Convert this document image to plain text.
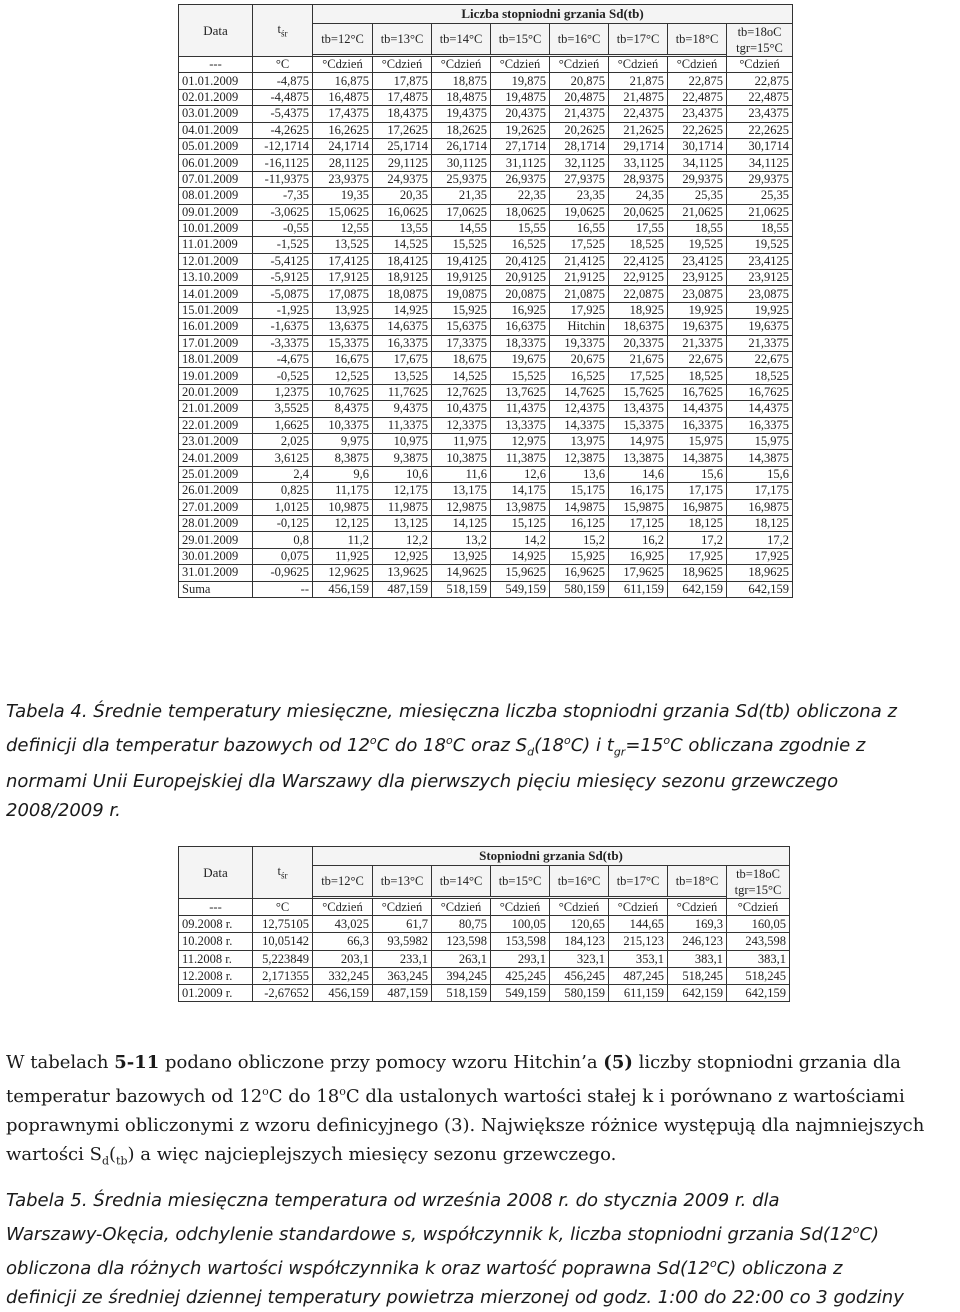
Data	$t_{śr}$	Liczba stopniodni grzania Sd(tb)							
		tb=12°C	tb=13°C	tb=14°C	tb=15°C	tb=16°C	tb=17°C	tb=18°C	tb=18oC
tgr=15°C

---	°C	°Cdzień	°Cdzień	°Cdzień	°Cdzień	°Cdzień	°Cdzień	°Cdzień	°Cdzień
01.01.2009	-4,875	16,875	17,875	18,875	19,875	20,875	21,875	22,875	22,875
02.01.2009	-4,4875	16,4875	17,4875	18,4875	19,4875	20,4875	21,4875	22,4875	22,4875
03.01.2009	-5,4375	17,4375	18,4375	19,4375	20,4375	21,4375	22,4375	23,4375	23,4375
04.01.2009	-4,2625	16,2625	17,2625	18,2625	19,2625	20,2625	21,2625	22,2625	22,2625
05.01.2009	-12,1714	24,1714	25,1714	26,1714	27,1714	28,1714	29,1714	30,1714	30,1714
06.01.2009	-16,1125	28,1125	29,1125	30,1125	31,1125	32,1125	33,1125	34,1125	34,1125
07.01.2009	-11,9375	23,9375	24,9375	25,9375	26,9375	27,9375	28,9375	29,9375	29,9375
08.01.2009	-7,35	19,35	20,35	21,35	22,35	23,35	24,35	25,35	25,35
09.01.2009	-3,0625	15,0625	16,0625	17,0625	18,0625	19,0625	20,0625	21,0625	21,0625
10.01.2009	-0,55	12,55	13,55	14,55	15,55	16,55	17,55	18,55	18,55
11.01.2009	-1,525	13,525	14,525	15,525	16,525	17,525	18,525	19,525	19,525
12.01.2009	-5,4125	17,4125	18,4125	19,4125	20,4125	21,4125	22,4125	23,4125	23,4125
13.10.2009	-5,9125	17,9125	18,9125	19,9125	20,9125	21,9125	22,9125	23,9125	23,9125
14.01.2009	-5,0875	17,0875	18,0875	19,0875	20,0875	21,0875	22,0875	23,0875	23,0875
15.01.2009	-1,925	13,925	14,925	15,925	16,925	17,925	18,925	19,925	19,925
16.01.2009	-1,6375	13,6375	14,6375	15,6375	16,6375	Hitchin	18,6375	19,6375	19,6375
17.01.2009	-3,3375	15,3375	16,3375	17,3375	18,3375	19,3375	20,3375	21,3375	21,3375
18.01.2009	-4,675	16,675	17,675	18,675	19,675	20,675	21,675	22,675	22,675
19.01.2009	-0,525	12,525	13,525	14,525	15,525	16,525	17,525	18,525	18,525
20.01.2009	1,2375	10,7625	11,7625	12,7625	13,7625	14,7625	15,7625	16,7625	16,7625
21.01.2009	3,5525	8,4375	9,4375	10,4375	11,4375	12,4375	13,4375	14,4375	14,4375
22.01.2009	1,6625	10,3375	11,3375	12,3375	13,3375	14,3375	15,3375	16,3375	16,3375
23.01.2009	2,025	9,975	10,975	11,975	12,975	13,975	14,975	15,975	15,975
24.01.2009	3,6125	8,3875	9,3875	10,3875	11,3875	12,3875	13,3875	14,3875	14,3875
25.01.2009	2,4	9,6	10,6	11,6	12,6	13,6	14,6	15,6	15,6
26.01.2009	0,825	11,175	12,175	13,175	14,175	15,175	16,175	17,175	17,175
27.01.2009	1,0125	10,9875	11,9875	12,9875	13,9875	14,9875	15,9875	16,9875	16,9875
28.01.2009	-0,125	12,125	13,125	14,125	15,125	16,125	17,125	18,125	18,125
29.01.2009	0,8	11,2	12,2	13,2	14,2	15,2	16,2	17,2	17,2
30.01.2009	0,075	11,925	12,925	13,925	14,925	15,925	16,925	17,925	17,925
31.01.2009	-0,9625	12,9625	13,9625	14,9625	15,9625	16,9625	17,9625	18,9625	18,9625
Suma	--	456,159	487,159	518,159	549,159	580,159	611,159	642,159	642,159

Tabela 4. Średnie temperatury miesięczne, miesięczna liczba stopniodni grzania Sd(tb) obliczona z
definicji dla temperatur bazowych od 12$^o$C do 18$^o$C oraz $S_d(18^oC)$ i $t_{gr}=15^oC$ obliczana zgodnie z
normami Unii Europejskiej dla Warszawy dla pierwszych pięciu miesięcy sezonu grzewczego
2008/2009 r.

Data	$t_{śr}$	Stopniodni grzania Sd(tb)							
		tb=12°C	tb=13°C	tb=14°C	tb=15°C	tb=16°C	tb=17°C	tb=18°C	tb=18oC
tgr=15°C

---	°C	°Cdzień	°Cdzień	°Cdzień	°Cdzień	°Cdzień	°Cdzień	°Cdzień	°Cdzień
09.2008 r.	12,75105	43,025	61,7	80,75	100,05	120,65	144,65	169,3	160,05
10.2008 r.	10,05142	66,3	93,5982	123,598	153,598	184,123	215,123	246,123	243,598
11.2008 r.	5,223849	203,1	233,1	263,1	293,1	323,1	353,1	383,1	383,1
12.2008 r.	2,171355	332,245	363,245	394,245	425,245	456,245	487,245	518,245	518,245
01.2009 r.	-2,67652	456,159	487,159	518,159	549,159	580,159	611,159	642,159	642,159

W tabelach 5-11 podano obliczone przy pomocy wzoru Hitchin’a (5) liczby stopniodni grzania dla
temperatur bazowych od 12$^o$C do 18$^o$C dla ustalonych wartości stałej k i porównano z wartościami
poprawnymi obliczonymi z wzoru definicyjnego (3). Największe różnice występują dla najmniejszych
wartości $S_d(_{tb})$ a więc najcieplejszych miesięcy sezonu grzewczego.

Tabela 5. Średnia miesięczna temperatura od września 2008 r. do stycznia 2009 r. dla
Warszawy-Okęcia, odchylenie standardowe s, współczynnik k, liczba stopniodni grzania Sd(12$^o$C)
obliczona dla różnych wartości współczynnika k oraz wartość poprawna Sd(12$^o$C) obliczona z
definicji ze średniej dziennej temperatury powietrza mierzonej od godz. 1:00 do 22:00 co 3 godziny
